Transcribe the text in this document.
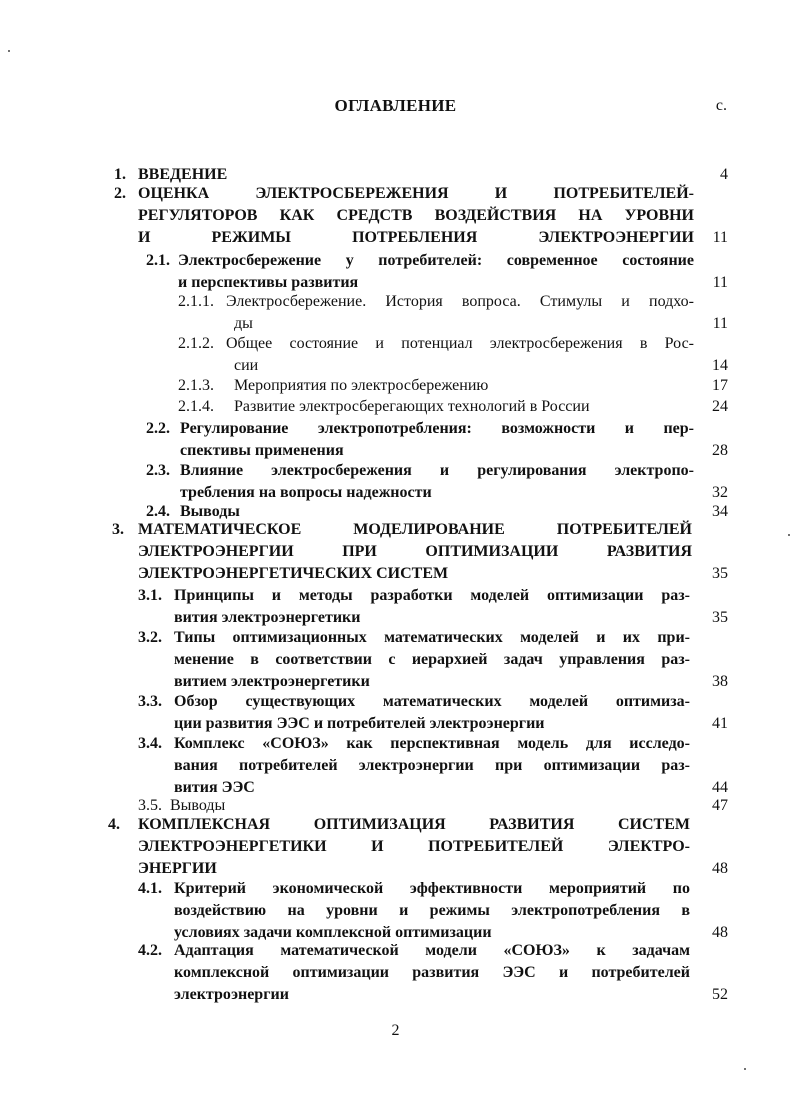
ОГЛАВЛЕНИЕ	с.
1. ВВЕДЕНИЕ	4
2. ОЦЕНКА ЭЛЕКТРОСБЕРЕЖЕНИЯ И ПОТРЕБИТЕЛЕЙ-
РЕГУЛЯТОРОВ КАК СРЕДСТВ ВОЗДЕЙСТВИЯ НА УРОВНИ
И РЕЖИМЫ ПОТРЕБЛЕНИЯ ЭЛЕКТРОЭНЕРГИИ 11
2.1. Электросбережение у потребителей: современное состояние
и перспективы развития	11
2.1.1. Электросбережение. История вопроса. Стимулы и подхо-
ды	11
2.1.2. Общее состояние и потенциал электросбережения в Рос-
сии	14
2.1.3. Мероприятия по электросбережению	17
2.1.4. Развитие электросберегающих технологий в России	24
2.2. Регулирование электропотребления: возможности и пер-
спективы применения	28
2.3. Влияние электросбережения и регулирования электропо-
требления на вопросы надежности	32
2.4. Выводы	34
3. МАТЕМАТИЧЕСКОЕ МОДЕЛИРОВАНИЕ ПОТРЕБИТЕЛЕЙ
ЭЛЕКТРОЭНЕРГИИ ПРИ ОПТИМИЗАЦИИ РАЗВИТИЯ
ЭЛЕКТРОЭНЕРГЕТИЧЕСКИХ СИСТЕМ	35
3.1. Принципы и методы разработки моделей оптимизации раз-
вития электроэнергетики	35
3.2. Типы оптимизационных математических моделей и их при-
менение в соответствии с иерархией задач управления раз-
витием электроэнергетики	38
3.3. Обзор существующих математических моделей оптимиза-
ции развития ЭЭС и потребителей электроэнергии	41
3.4. Комплекс «СОЮЗ» как перспективная модель для исследо-
вания потребителей электроэнергии при оптимизации раз-
вития ЭЭС	44
3.5. Выводы	47
4. КОМПЛЕКСНАЯ ОПТИМИЗАЦИЯ РАЗВИТИЯ СИСТЕМ
ЭЛЕКТРОЭНЕРГЕТИКИ И ПОТРЕБИТЕЛЕЙ ЭЛЕКТРО-
ЭНЕРГИИ	48
4.1. Критерий экономической эффективности мероприятий по
воздействию на уровни и режимы электропотребления в
условиях задачи комплексной оптимизации	48
4.2. Адаптация математической модели «СОЮЗ» к задачам
комплексной оптимизации развития ЭЭС и потребителей
электроэнергии	52
2
